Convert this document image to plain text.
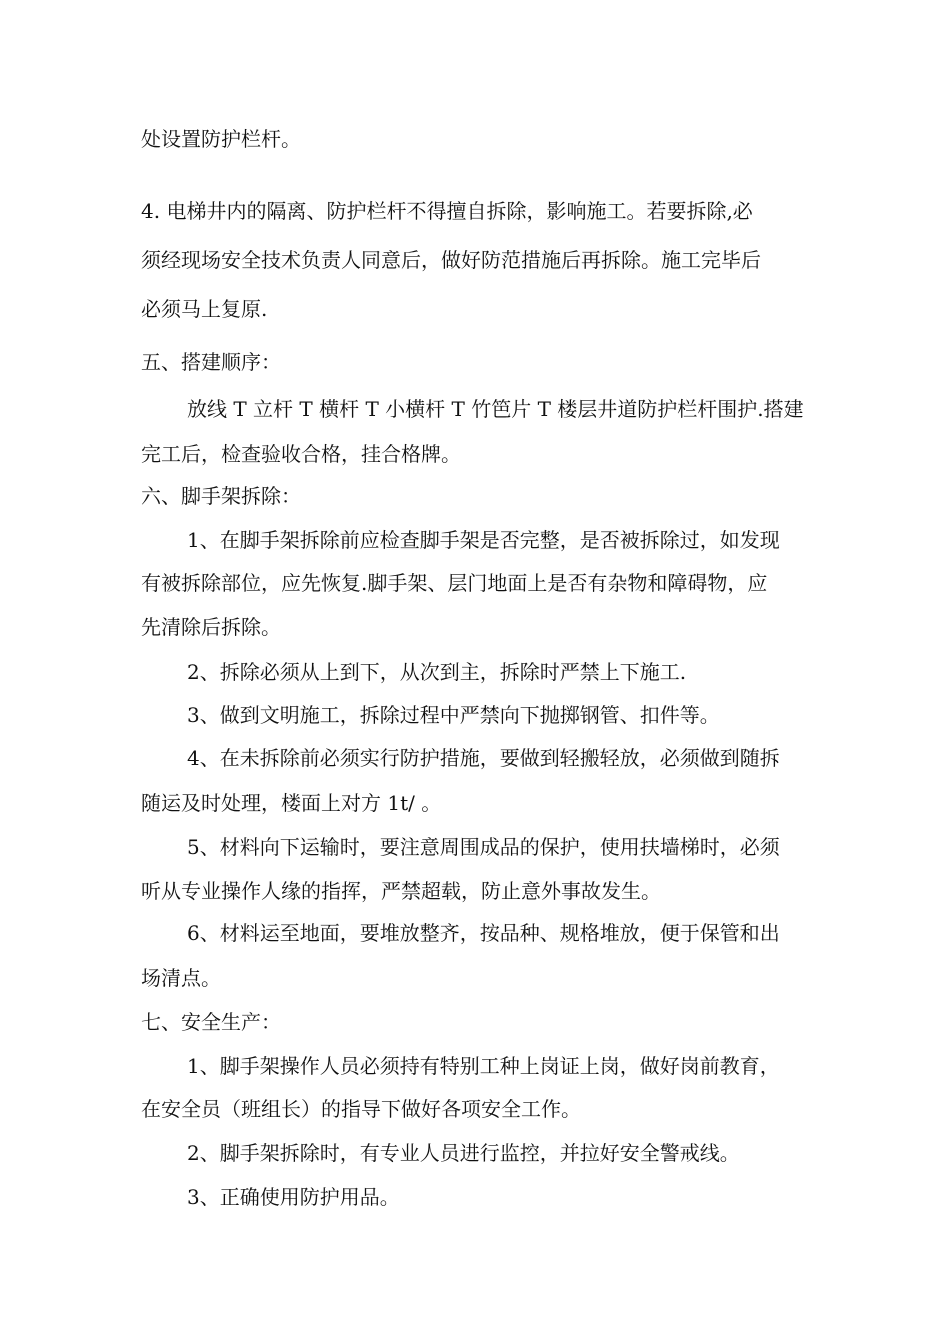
处设置防护栏杆。
4. 电梯井内的隔离、防护栏杆不得擅自拆除，影响施工。若要拆除,必
须经现场安全技术负责人同意后，做好防范措施后再拆除。施工完毕后
必须马上复原.
五、搭建顺序：
放线 T 立杆 T 横杆 T 小横杆 T 竹笆片 T 楼层井道防护栏杆围护.搭建
完工后，检查验收合格，挂合格牌。
六、脚手架拆除：
1、在脚手架拆除前应检查脚手架是否完整，是否被拆除过，如发现
有被拆除部位，应先恢复.脚手架、层门地面上是否有杂物和障碍物，应
先清除后拆除。
2、拆除必须从上到下，从次到主，拆除时严禁上下施工.
3、做到文明施工，拆除过程中严禁向下抛掷钢管、扣件等。
4、在未拆除前必须实行防护措施，要做到轻搬轻放，必须做到随拆
随运及时处理，楼面上对方 1t/ 。
5、材料向下运输时，要注意周围成品的保护，使用扶墙梯时，必须
听从专业操作人缘的指挥，严禁超载，防止意外事故发生。
6、材料运至地面，要堆放整齐，按品种、规格堆放，便于保管和出
场清点。
七、安全生产：
1、脚手架操作人员必须持有特别工种上岗证上岗，做好岗前教育，
在安全员（班组长）的指导下做好各项安全工作。
2、脚手架拆除时，有专业人员进行监控，并拉好安全警戒线。
3、正确使用防护用品。
